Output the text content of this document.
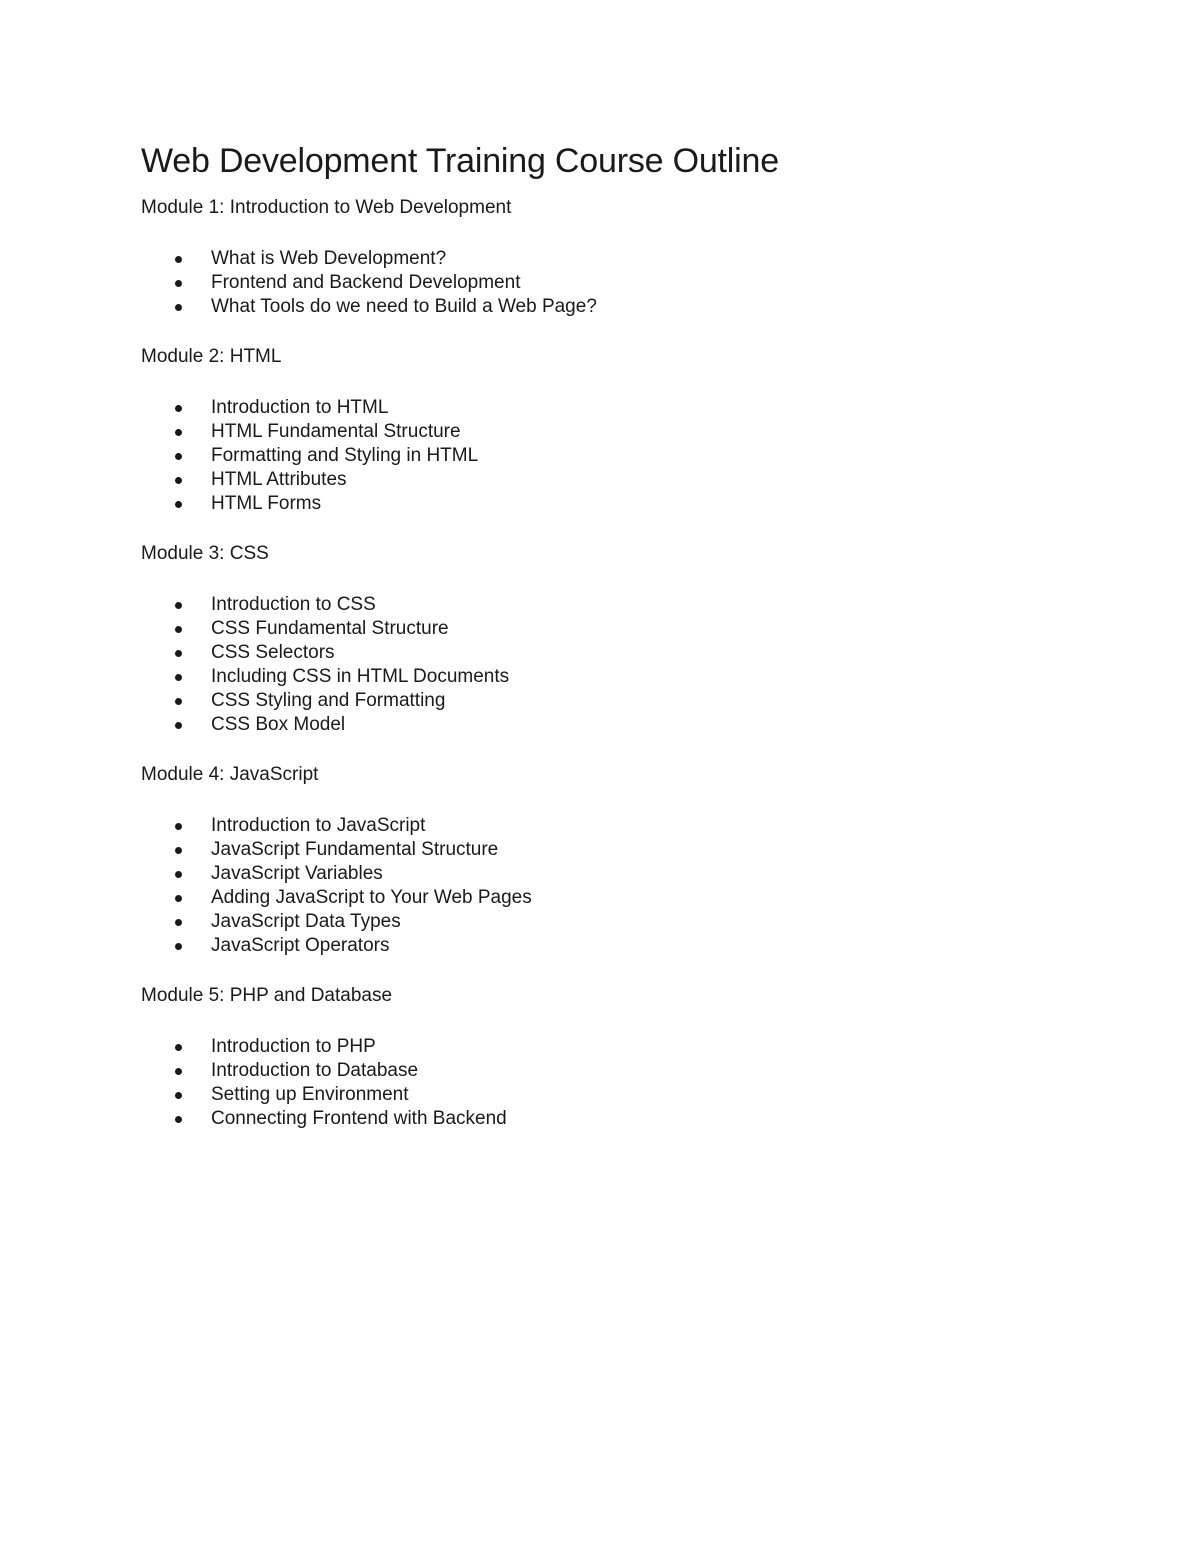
Web Development Training Course Outline

Module 1: Introduction to Web Development

What is Web Development?
Frontend and Backend Development
What Tools do we need to Build a Web Page?

Module 2: HTML

Introduction to HTML
HTML Fundamental Structure
Formatting and Styling in HTML
HTML Attributes
HTML Forms

Module 3: CSS

Introduction to CSS
CSS Fundamental Structure
CSS Selectors
Including CSS in HTML Documents
CSS Styling and Formatting
CSS Box Model

Module 4: JavaScript

Introduction to JavaScript
JavaScript Fundamental Structure
JavaScript Variables
Adding JavaScript to Your Web Pages
JavaScript Data Types
JavaScript Operators

Module 5: PHP and Database

Introduction to PHP
Introduction to Database
Setting up Environment
Connecting Frontend with Backend
